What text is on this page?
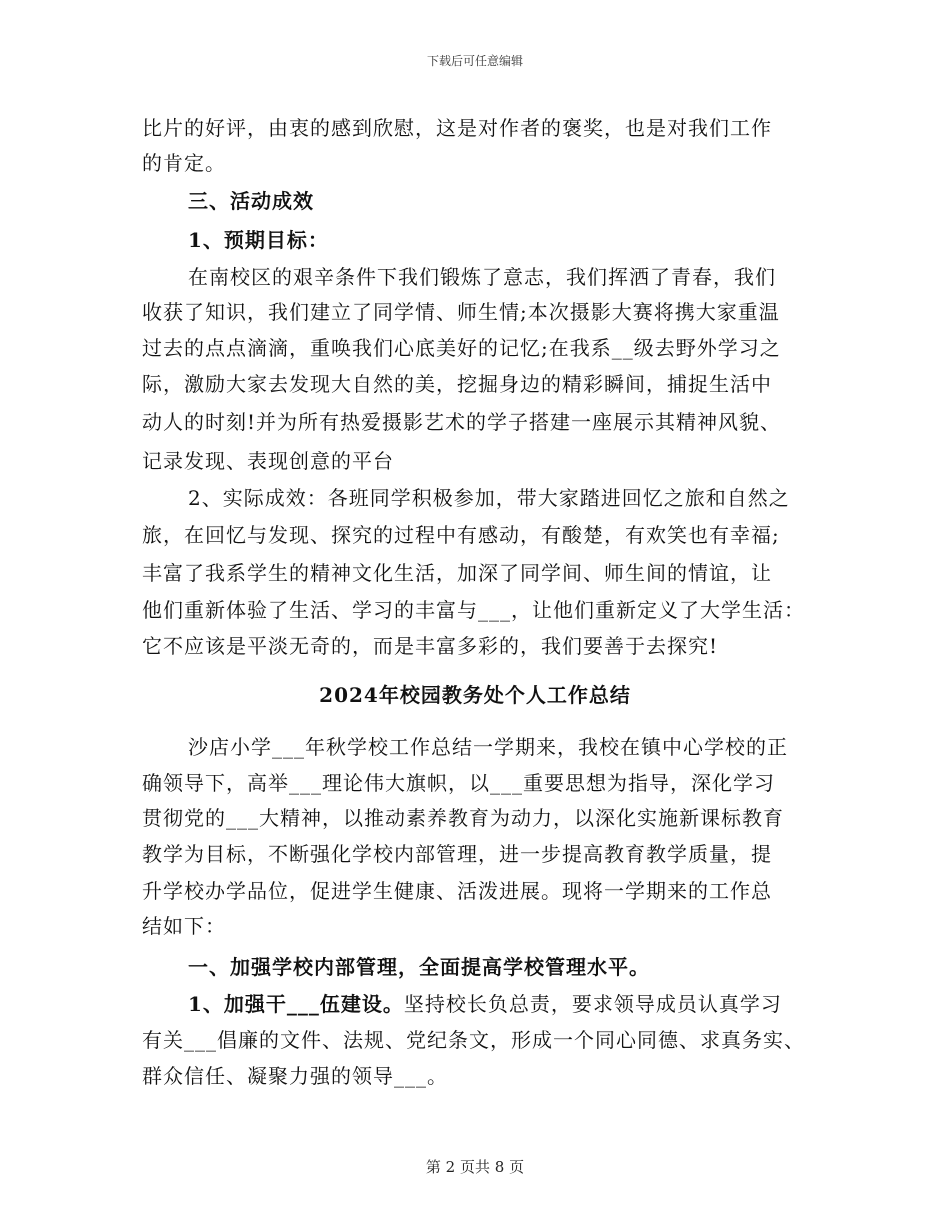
下载后可任意编辑
比片的好评，由衷的感到欣慰，这是对作者的褒奖，也是对我们工作
的肯定。
三、活动成效
1、预期目标：
在南校区的艰辛条件下我们锻炼了意志，我们挥洒了青春，我们
收获了知识，我们建立了同学情、师生情;本次摄影大赛将携大家重温
过去的点点滴滴，重唤我们心底美好的记忆;在我系__级去野外学习之
际，激励大家去发现大自然的美，挖掘身边的精彩瞬间，捕捉生活中
动人的时刻!并为所有热爱摄影艺术的学子搭建一座展示其精神风貌、
记录发现、表现创意的平台
2、实际成效：各班同学积极参加，带大家踏进回忆之旅和自然之
旅，在回忆与发现、探究的过程中有感动，有酸楚，有欢笑也有幸福;
丰富了我系学生的精神文化生活，加深了同学间、师生间的情谊，让
他们重新体验了生活、学习的丰富与___，让他们重新定义了大学生活：
它不应该是平淡无奇的，而是丰富多彩的，我们要善于去探究!
2024年校园教务处个人工作总结
沙店小学___年秋学校工作总结一学期来，我校在镇中心学校的正
确领导下，高举___理论伟大旗帜，以___重要思想为指导，深化学习
贯彻党的___大精神，以推动素养教育为动力，以深化实施新课标教育
教学为目标，不断强化学校内部管理，进一步提高教育教学质量，提
升学校办学品位，促进学生健康、活泼进展。现将一学期来的工作总
结如下：
一、加强学校内部管理，全面提高学校管理水平。
1、加强干___伍建设。坚持校长负总责，要求领导成员认真学习
有关___倡廉的文件、法规、党纪条文，形成一个同心同德、求真务实、
群众信任、凝聚力强的领导___。
第 2 页共 8 页
